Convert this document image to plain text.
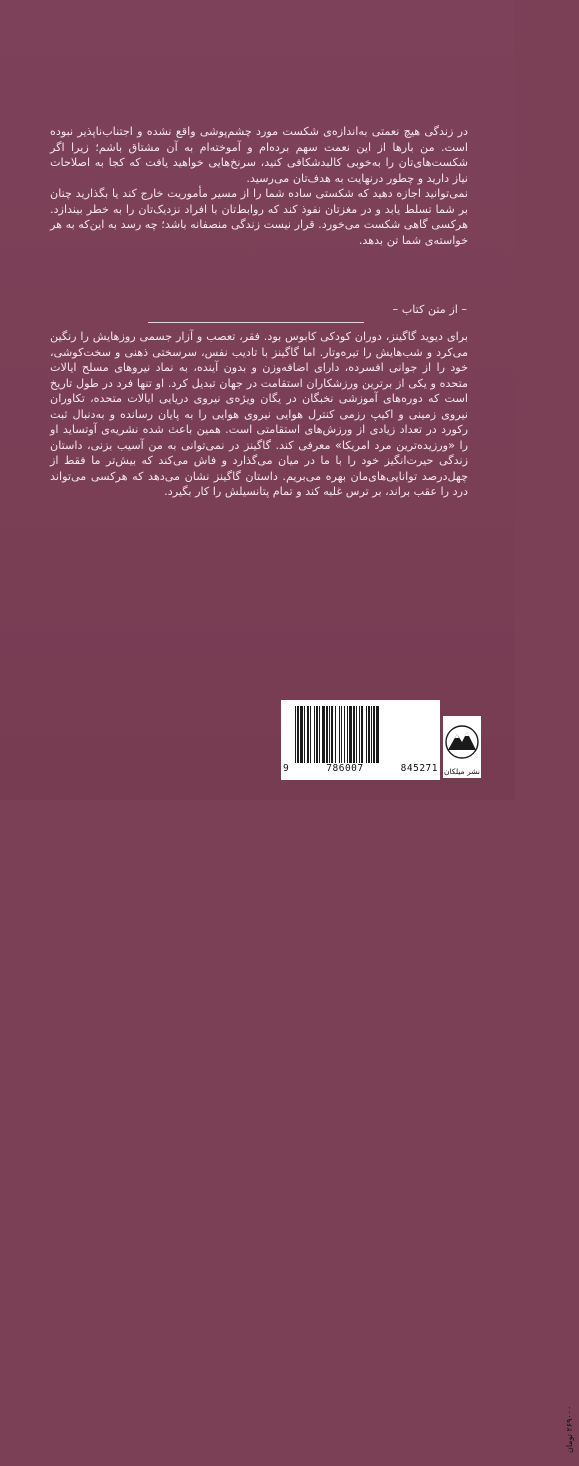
در زندگی هیچ نعمتی به‌اندازه‌ی شکست مورد چشم‌پوشی واقع نشده و اجتناب‌ناپذیر نبوده است. من بارها از این نعمت سهم برده‌ام و آموخته‌ام به آن مشتاق باشم؛ زیرا اگر شکست‌های‌تان را به‌خوبی کالبدشکافی کنید، سرنخ‌هایی خواهید یافت که کجا به اصلاحات نیاز دارید و چطور درنهایت به هدف‌تان می‌رسید.

نمی‌توانید اجازه دهید که شکستی ساده شما را از مسیر مأموریت خارج کند یا بگذارید چنان بر شما تسلط یابد و در مغزتان نفوذ کند که روابط‌تان با افراد نزدیک‌تان را به خطر بیندازد. هرکسی گاهی شکست می‌خورد. قرار نیست زندگی منصفانه باشد؛ چه رسد به این‌که به هر خواسته‌ی شما تن بدهد.

– از متن کتاب –

برای دیوید گاگینز، دوران کودکی کابوس بود. فقر، تعصب و آزار جسمی روزهایش را رنگین می‌کرد و شب‌هایش را تیره‌وتار. اما گاگینز با تادیب نفس، سرسختی ذهنی و سخت‌کوشی، خود را از جوانی افسرده، دارای اضافه‌وزن و بدون آینده، به نماد نیروهای مسلح ایالات متحده و یکی از برترین ورزشکاران استقامت در جهان تبدیل کرد. او تنها فرد در طول تاریخ است که دوره‌های آموزشی نخبگان در یگان ویژه‌ی نیروی دریایی ایالات متحده، تکاوران نیروی زمینی و اکیپ رزمی کنترل هوایی نیروی هوایی را به پایان رسانده و به‌دنبال ثبت رکورد در تعداد زیادی از ورزش‌های استقامتی است. همین باعث شده نشریه‌ی آوتساید او را «ورزیده‌ترین مرد امریکا» معرفی کند. گاگینز در نمی‌توانی به من آسیب بزنی، داستان زندگی حیرت‌انگیز خود را با ما در میان می‌گذارد و فاش می‌کند که بیش‌تر ما فقط از چهل‌درصد توانایی‌های‌مان بهره می‌بریم. داستان گاگینز نشان می‌دهد که هرکسی می‌تواند درد را عقب براند، بر ترس غلبه کند و تمام پتانسیلش را کار بگیرد.

9	786007	845271
۲۶۹۰۰۰ تومان
نشر میلکان
